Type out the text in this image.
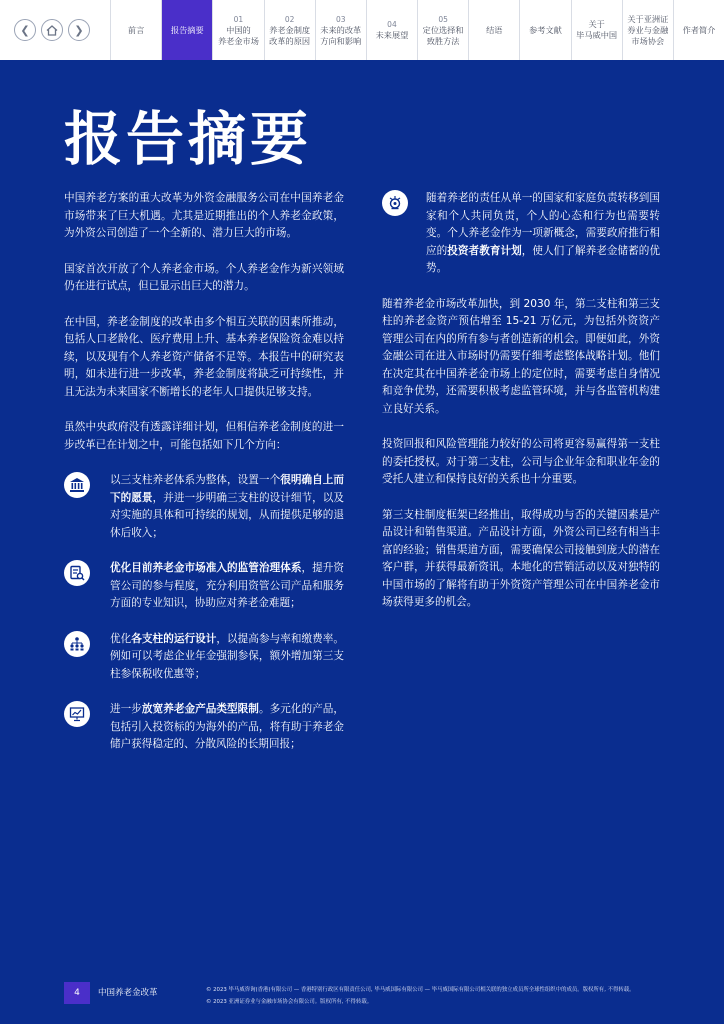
❮	❯	前言	报告摘要
01
中国的
养老金市场
02
养老金制度
改革的原因
03
未来的改革
方向和影响
04
未来展望
05
定位选择和
致胜方法
结语	参考文献
关于
毕马威中国
关于亚洲证
券业与金融
市场协会
作者简介
报告摘要

中国养老方案的重大改革为外资金融服务公司在中国养老金市场带来了巨大机遇。尤其是近期推出的个人养老金政策，为外资公司创造了一个全新的、潜力巨大的市场。

国家首次开放了个人养老金市场。个人养老金作为新兴领域仍在进行试点，但已显示出巨大的潜力。

在中国，养老金制度的改革由多个相互关联的因素所推动，包括人口老龄化、医疗费用上升、基本养老保险资金难以持续，以及现有个人养老资产储备不足等。本报告中的研究表明，如未进行进一步改革，养老金制度将缺乏可持续性，并且无法为未来国家不断增长的老年人口提供足够支持。

虽然中央政府没有透露详细计划，但相信养老金制度的进一步改革已在计划之中，可能包括如下几个方向：

以三支柱养老体系为整体，设置一个很明确自上而下的愿景，并进一步明确三支柱的设计细节，以及对实施的具体和可持续的规划，从而提供足够的退休后收入；

优化目前养老金市场准入的监管治理体系，提升资管公司的参与程度，充分利用资管公司产品和服务方面的专业知识，协助应对养老金难题；

优化各支柱的运行设计，以提高参与率和缴费率。例如可以考虑企业年金强制参保，额外增加第三支柱参保税收优惠等；

进一步放宽养老金产品类型限制。多元化的产品，包括引入投资标的为海外的产品，将有助于养老金储户获得稳定的、分散风险的长期回报；

随着养老的责任从单一的国家和家庭负责转移到国家和个人共同负责，个人的心态和行为也需要转变。个人养老金作为一项新概念，需要政府推行相应的投资者教育计划，使人们了解养老金储蓄的优势。

随着养老金市场改革加快，到 2030 年，第二支柱和第三支柱的养老金资产预估增至 15-21 万亿元，为包括外资资产管理公司在内的所有参与者创造新的机会。即便如此，外资金融公司在进入市场时仍需要仔细考虑整体战略计划。他们在决定其在中国养老金市场上的定位时，需要考虑自身情况和竞争优势，还需要积极考虑监管环境，并与各监管机构建立良好关系。

投资回报和风险管理能力较好的公司将更容易赢得第一支柱的委托授权。对于第二支柱，公司与企业年金和职业年金的受托人建立和保持良好的关系也十分重要。

第三支柱制度框架已经推出，取得成功与否的关键因素是产品设计和销售渠道。产品设计方面，外资公司已经有相当丰富的经验；销售渠道方面，需要确保公司接触到庞大的潜在客户群，并获得最新资讯。本地化的营销活动以及对独特的中国市场的了解将有助于外资资产管理公司在中国养老金市场获得更多的机会。

4	中国养老金改革	© 2023 毕马威咨询(香港)有限公司 — 香港特别行政区有限责任公司, 毕马威国际有限公司 — 毕马威国际有限公司相关联的独立成员所全球性组织中的成员。版权所有, 不得转载。
© 2023 亚洲证券业与金融市场协会有限公司。版权所有, 不得转载。
